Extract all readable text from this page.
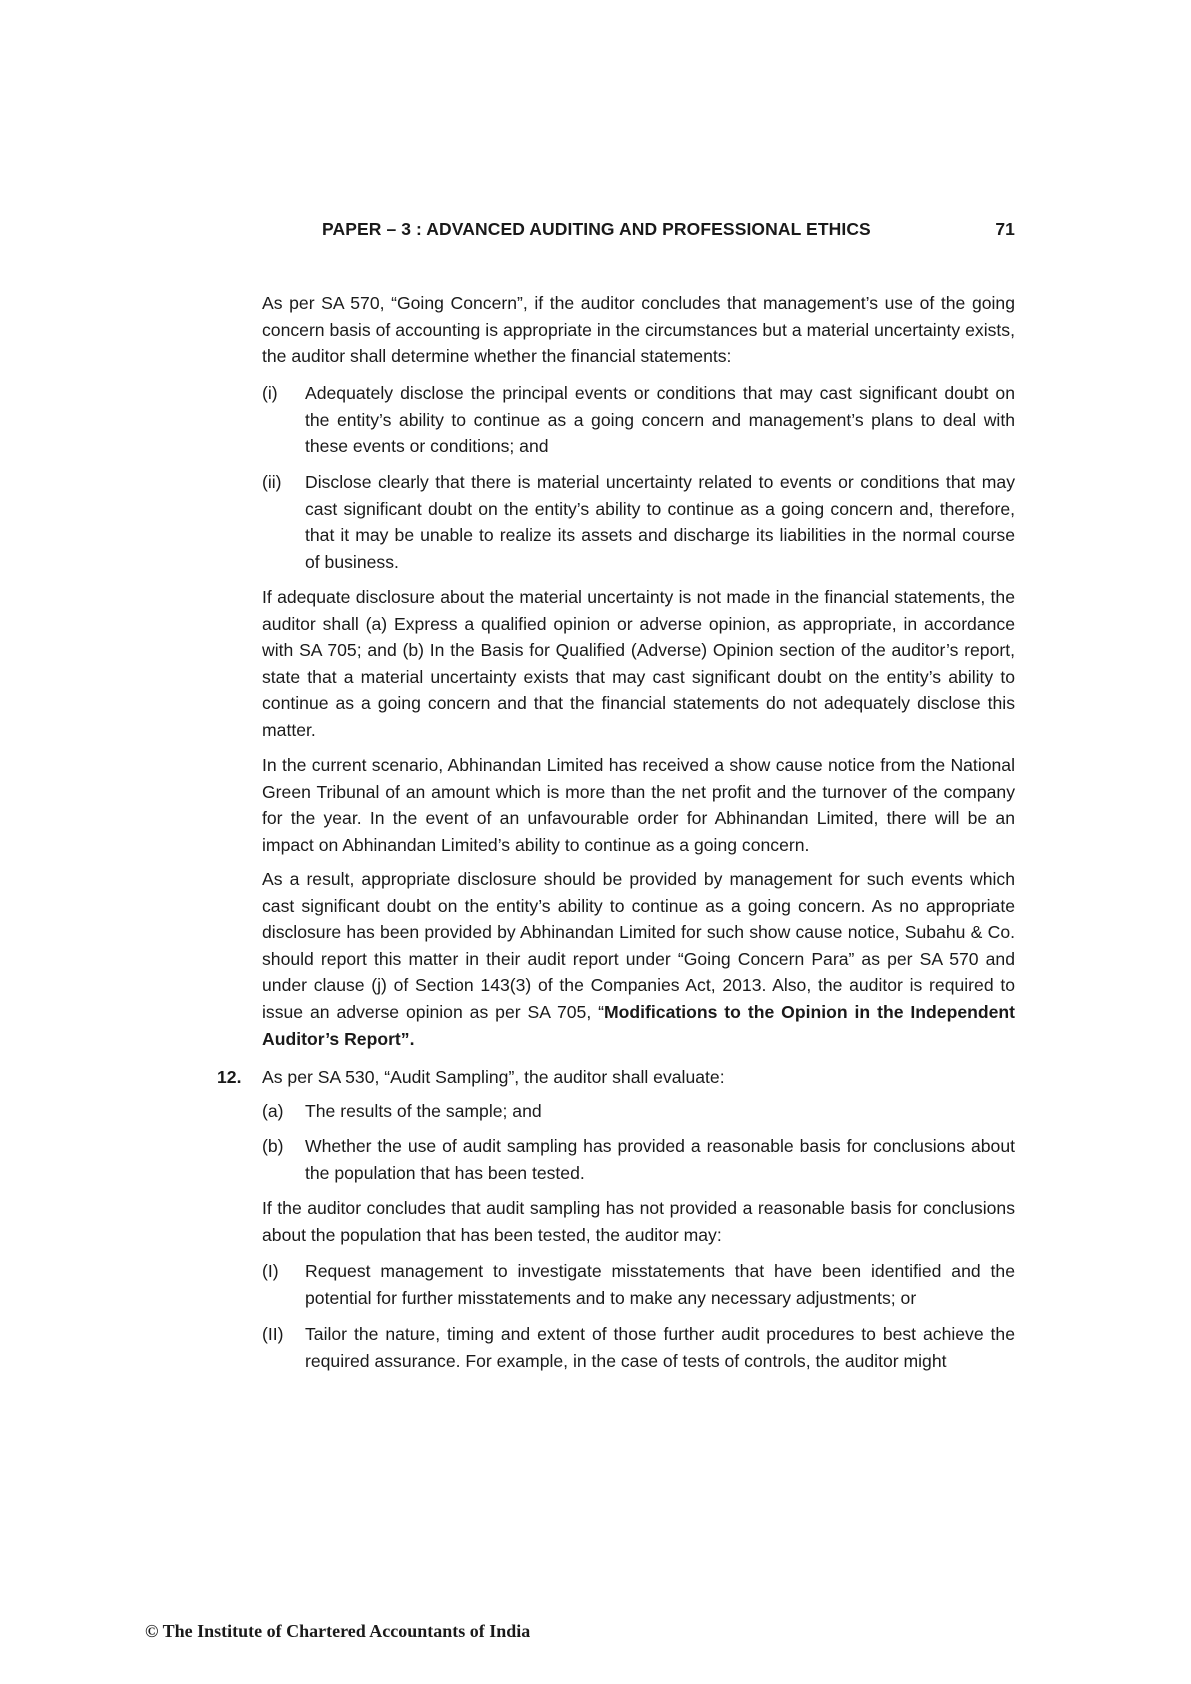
PAPER – 3 : ADVANCED AUDITING AND PROFESSIONAL ETHICS	71

As per SA 570, “Going Concern”, if the auditor concludes that management’s use of the going concern basis of accounting is appropriate in the circumstances but a material uncertainty exists, the auditor shall determine whether the financial statements:

(i) Adequately disclose the principal events or conditions that may cast significant doubt on the entity’s ability to continue as a going concern and management’s plans to deal with these events or conditions; and
(ii) Disclose clearly that there is material uncertainty related to events or conditions that may cast significant doubt on the entity’s ability to continue as a going concern and, therefore, that it may be unable to realize its assets and discharge its liabilities in the normal course of business.

If adequate disclosure about the material uncertainty is not made in the financial statements, the auditor shall (a) Express a qualified opinion or adverse opinion, as appropriate, in accordance with SA 705; and (b) In the Basis for Qualified (Adverse) Opinion section of the auditor’s report, state that a material uncertainty exists that may cast significant doubt on the entity’s ability to continue as a going concern and that the financial statements do not adequately disclose this matter.

In the current scenario, Abhinandan Limited has received a show cause notice from the National Green Tribunal of an amount which is more than the net profit and the turnover of the company for the year. In the event of an unfavourable order for Abhinandan Limited, there will be an impact on Abhinandan Limited’s ability to continue as a going concern.

As a result, appropriate disclosure should be provided by management for such events which cast significant doubt on the entity’s ability to continue as a going concern. As no appropriate disclosure has been provided by Abhinandan Limited for such show cause notice, Subahu & Co. should report this matter in their audit report under “Going Concern Para” as per SA 570 and under clause (j) of Section 143(3) of the Companies Act, 2013. Also, the auditor is required to issue an adverse opinion as per SA 705, “Modifications to the Opinion in the Independent Auditor’s Report”.

12. As per SA 530, “Audit Sampling”, the auditor shall evaluate:

(a) The results of the sample; and
(b) Whether the use of audit sampling has provided a reasonable basis for conclusions about the population that has been tested.

If the auditor concludes that audit sampling has not provided a reasonable basis for conclusions about the population that has been tested, the auditor may:

(I) Request management to investigate misstatements that have been identified and the potential for further misstatements and to make any necessary adjustments; or
(II) Tailor the nature, timing and extent of those further audit procedures to best achieve the required assurance. For example, in the case of tests of controls, the auditor might
© The Institute of Chartered Accountants of India
